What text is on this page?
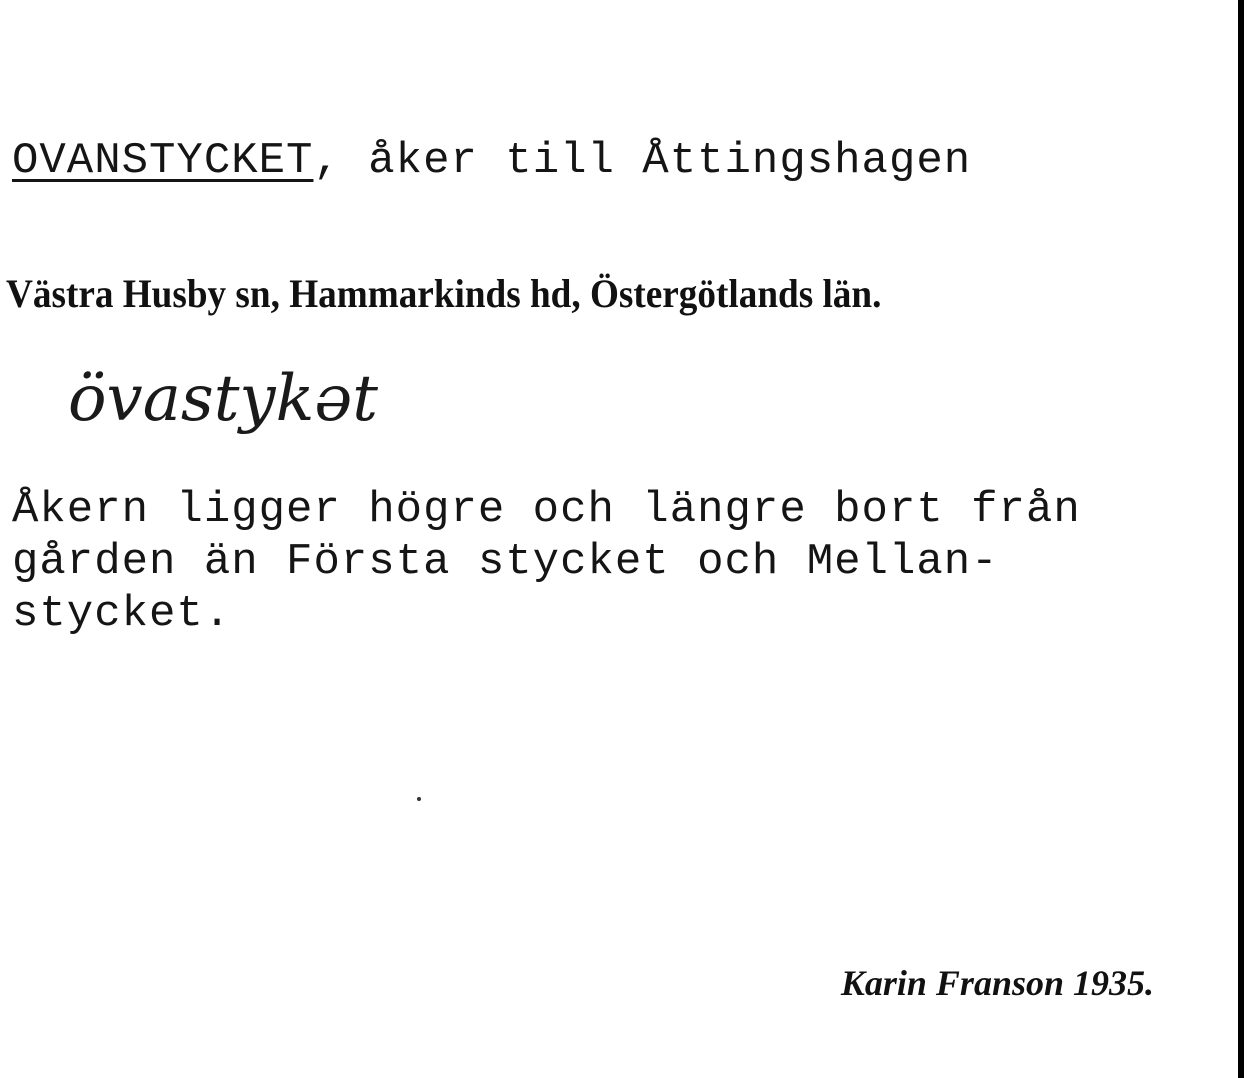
OVANSTYCKET, åker till Åttingshagen
Västra Husby sn, Hammarkinds hd, Östergötlands län.
övastykət
Åkern ligger högre och längre bort från
gården än Första stycket och Mellan-
stycket.
Karin Franson 1935.
